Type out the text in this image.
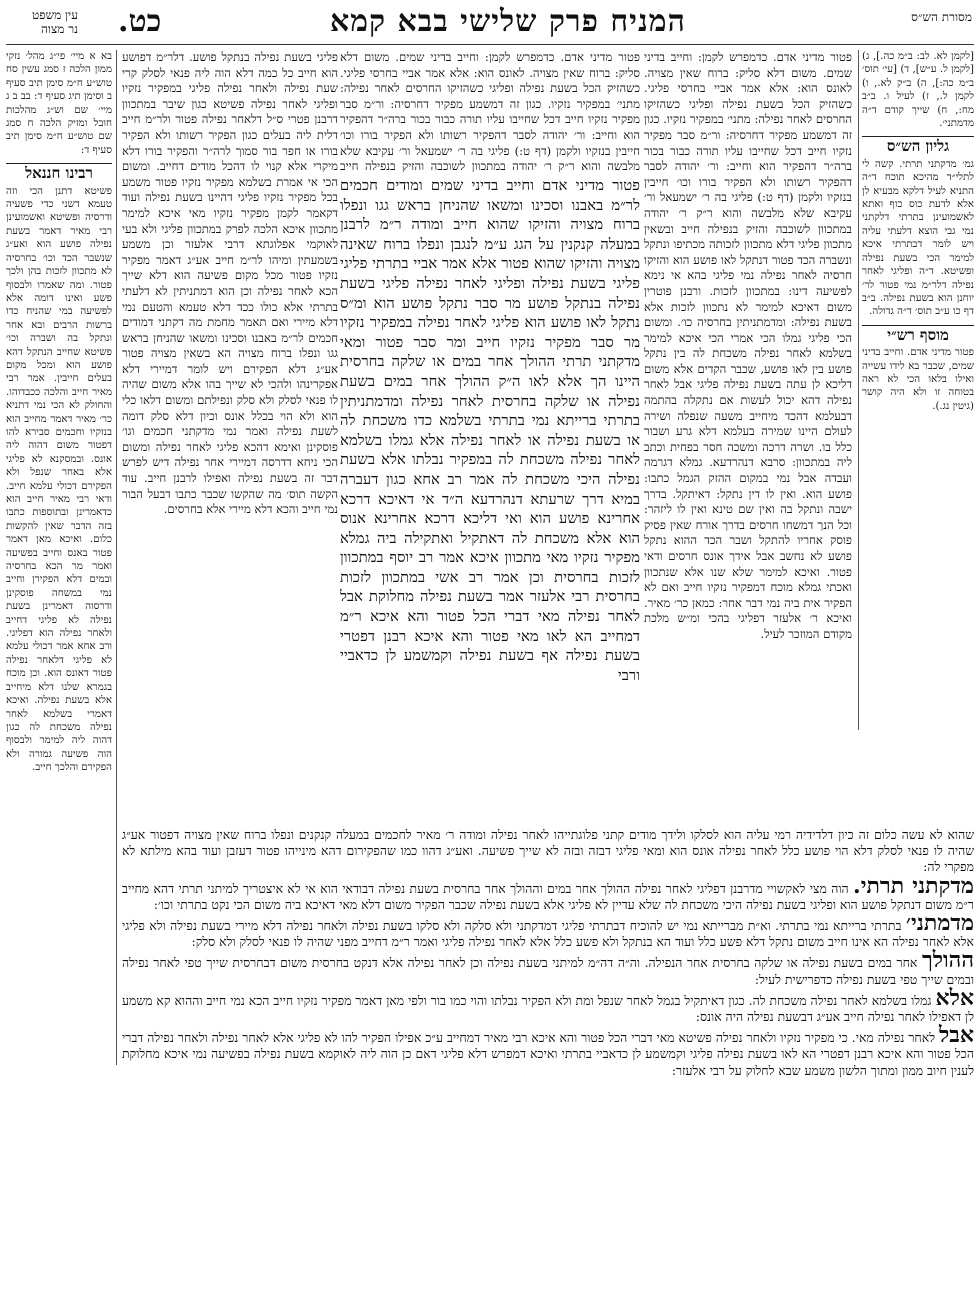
עין משפט
נר מצוה כט.	המניח פרק שלישי בבא קמא	מסורת הש״ס

בא א מיי׳ פי״ג מהל׳ נזקי ממון הלכה ז סמג עשין סח טוש״ע ח״מ סימן תיב סעיף ב וסימן תיג סעיף ד: בב ב ג מיי׳ שם וש״ג מהלכות חובל ומזיק הלכה ח סמג שם טוש״ע ח״מ סימן תיב סעיף ד:

רבינו חננאל

פשיטא דתנן הכי וזה טעמא דשני כדי פשעיה ודרסיה ופשיטא ואשמועינן רבי מאיר דאמר בשעת נפילה פושע הוא ואע״ג שנשבר הכד וכו׳ בחרסיה לא מתכוון לזכות בהן ולכך פטור. ומה שאמרו ולבסוף פשע ואינו דומה אלא לפשיעה במי שהניח כדו ברשות הרבים ובא אחר ונתקל בה ושברה וכו׳ פשיטא שחייב הנתקל דהא פושע הוא ומכל מקום בעלים חייבין. אמר רבי מאיר חייב והלכה ככבדוהו. והחולק לא הכי נמי דתניא כר׳ מאיר דאמר מחייב הוא בנזקיו וחכמים סבירא להו דפטור משום דהוה ליה אונס. ובמסקנא לא פליגי אלא באחר שנפל ולא הפקירם דכולי עלמא חייב. ודאי רבי מאיר חייב הוא כדאמרינן ובתוספות כתבו בזה הדבר שאין להקשות כלום. ואיכא מאן דאמר פטור באנס וחייב בפשיעה ואמר מר הכא בחרסיה ובמים דלא הפקירן וחייב נמי במשחה פוסקינן ודרסוה דאמרינן בשעת נפילה לא פליגי דחייב ולאחר נפילה הוא דפליגי. ורב אחא אמר דכולי עלמא לא פליגי דלאחר נפילה פטור דאונס הוא. וכן מוכח בגמרא שלנו דלא מיחייב אלא בשעת נפילה. ואיכא דאמרי בשלמא לאחר נפילה משכחת לה כגון דהוה ליה למימר ולבסוף הוה פשיעה גמורה ולא הפקירם והלכך חייב.

פליגי בשעת נפילה בנתקל פושע. דלר״מ דפושע הוא חייב כל כמה דלא הוה ליה פנאי לסלק קרי שעת נפילה ולאחר נפילה פליגי במפקיר נזקיו ופליגי לאחר נפילה פשיטא כגון שיבר במתכוון דרבנן פטרי ס״ל דלאחר נפילה פטור ולר״מ חייב דלית ליה בעלים כגון הפקיר רשותו ולא הפקיר בורו או חפר בור סמוך לרה״ר והפקיר בורו דלא מיקרי אלא קנוי לו דהכל מודים דחייב. ומשום הכי אי אמרת בשלמא מפקיר נזקיו פטור משמע בכל מפקיר נזקיו פליגי דהיינו בשעת נפילה ועוד דקאמר לקמן מפקיר נזקיו מאי איכא למימר מתכוון איכא הלכה לפרק במתכוון פליגי ולא בעי לאוקמי אפלוגתא דרבי אלעזר וכן משמע בשמעתין ומיהו לר״מ חייב אע״ג דאמר מפקיר נזקיו פטור מכל מקום פשיעה הוא דלא שייך הכא לאחר נפילה וכן הוא דמתניתין לא דלעתי בתרתי אלא כולו ככד דלא טעמא והטעם נמי דלא מיירי ואם תאמר מחמת מה דקתני דמודים חכמים לר״מ באבנו וסכינו ומשאו שהניחן בראש גגו ונפלו ברוח מצויה הא בשאין מצויה פטור אע״ג דלא הפקירם ויש לומר דמיירי דלא אפקרינהו ולהכי לא שייך בהו אלא משום שהיה לו פנאי לסלק ולא סלק ונפילתם ומשום דלאו כלי הוא ולא הוי בכלל אונס וכיון דלא סלק דומה לשעת נפילה ואמר נמי מדקתני חכמים וגו׳ פוסקינן ואימא דהכא פליגי לאחר נפילה ומשום הכי ניחא דדרסה דמיירי אחר נפילה דיש לפרש דבר זה בשעת נפילה ואפילו לרבנן חייב. עוד הקשה תוס׳ מה שהקשו שכבר כתבו דבעל הבור נמי חייב והכא דלא מיירי אלא בחרסים.

פטור מדיני אדם וחייב בדיני שמים ומודים חכמים לר״מ באבנו וסכינו ומשאו שהניחן בראש גגו ונפלו ברוח מצויה והזיקו שהוא חייב ומודה ר״מ לרבנן במעלה קנקנין על הגג ע״מ לנגבן ונפלו ברוח שאינה מצויה והזיקו שהוא פטור אלא אמר אביי בתרתי פליגי פליגי בשעת נפילה ופליגי לאחר נפילה פליגי בשעת נפילה בנתקל פושע מר סבר נתקל פושע הוא ומ״ס נתקל לאו פושע הוא פליגי לאחר נפילה במפקיר נזקיו מר סבר מפקיר נזקיו חייב ומר סבר פטור ומאי מדקתני תרתי ההולך אחר במים או שלקה בחרסית היינו הך אלא לאו ה״ק ההולך אחר במים בשעת נפילה או שלקה בחרסית לאחר נפילה ומדמתניתין בתרתי ברייתא נמי בתרתי בשלמא כדו משכחת לה או בשעת נפילה או לאחר נפילה אלא גמלו בשלמא לאחר נפילה משכחת לה במפקיר נבלתו אלא בשעת נפילה היכי משכחת לה אמר רב אחא כגון דעברה במיא דרך שרעתא דנהרדעא ה״ד אי דאיכא דרכא אחרינא פושע הוא ואי דליכא דרכא אחרינא אנוס הוא אלא משכחת לה דאתקיל ואתקילה ביה גמלא מפקיר נזקיו מאי מתכוון איכא אמר רב יוסף במתכוון לזכות בחרסית וכן אמר רב אשי במתכוון לזכות בחרסית רבי אלעזר אמר בשעת נפילה מחלוקת אבל לאחר נפילה מאי דברי הכל פטור והא איכא ר״מ דמחייב הא לאו מאי פטור והא איכא רבנן דפטרי בשעת נפילה אף בשעת נפילה וקמשמע לן כדאביי ורבי

פטור מדיני אדם. כדמפרש לקמן: וחייב בדיני שמים. משום דלא סליק: ברוח שאין מצויה. לאונס הוא: אלא אמר אביי בחרסי פליגי. כשהזיק הכל בשעת נפילה ופליגי כשהזיקו החרסים לאחר נפילה: מתני׳ במפקיר נזקיו. כגון זה דמשמע מפקיר דחרסיה: ור״מ סבר מפקיר נזקיו חייב דכל שחייבו עליו תורה כבור בכור ברה״ר דהפקיר הוא וחייב: ור׳ יהודה לסבר דהפקיר רשותו ולא הפקיר בורו וכו׳ חייבין בנזקיו ולקמן (דף ט:) פליגי בה ר׳ ישמעאל ור׳ עקיבא שלא מלבשה והוא ר״ק ר׳ יהודה במתכוון לשוכבה והזיק בנפילה חייב

פטור מדיני אדם. כדמפרש לקמן: וחייב בדיני שמים. משום דלא סליק: ברוח שאין מצויה. לאונס הוא: אלא אמר אביי בחרסי פליגי. כשהזיק הכל בשעת נפילה ופליגי כשהזיקו החרסים לאחר נפילה: מתני׳ במפקיר נזקיו. כגון זה דמשמע מפקיר דחרסיה: ור״מ סבר מפקיר נזקיו חייב דכל שחייבו עליו תורה כבור בכור ברה״ר דהפקיר הוא וחייב: ור׳ יהודה לסבר דהפקיר רשותו ולא הפקיר בורו וכו׳ חייבין בנזקיו ולקמן (דף ט:) פליגי בה ר׳ ישמעאל ור׳ עקיבא שלא מלבשה והוא ר״ק ר׳ יהודה במתכוון לשוכבה והזיק בנפילה חייב ובשאין מתכוון פליגי דלא מתכוון לזכותה מכתיפו ונתקל ונשברה הכד פטור דנתקל לאו פושע הוא והזיקו חרסיה לאחר נפילה נמי פליגי בהא אי נימא לפשיעה דינו: במתכוון לזכות. ורבנן פוטרין משום דאיכא למימר לא נתכוון לזכות אלא בשעת נפילה: ומדמתניתין בחרסיה כו׳. ומשום הכי פליגי גמלו הכי אמרי הכי איכא למימר בשלמא לאחר נפילה משכחת לה בין נתקל פושע בין לאו פושע, שכבר הקדים אלא משום דליכא לן עתה בשעת נפילה פליגי אבל לאחר נפילה דהא יכול לעשות אם נתקלה בהתמה דבעלמא דהכד מיחייב משעה שנפלה ושירה לעולם היינו שמירה בעלמא דלא גרע ושבור כלל בו. ושרה דרכה ומשכה חסר בפחית וכתב ליה במתכוון: סרבא דנהרדעא. גמלא דגרמה ועבדה אבל נמי במקום ההזק הגמל כתבו: פושע הוא. ואין לו דין נתקל: דאיתקל. בדרך ישבה ונתקל בה ואין שם טינא ואין לו ליזהר: וכל הנך דמשחו חרסים בדרך אורח שאין פסיק פוסק אחריו להתקל ושבר הכד ההוא נתקל פושע לא נחשב אבל אידך אונס חרסים ודאי פטור. ואיכא למימר שלא שנו אלא שנתכוון ואכתי גמלא מוכח דמפקיר נזקיו חייב ואם לא הפקיר אית ביה נמי דבר אחר: כמאן כר׳ מאיר. ואיכא ר׳ אלעזר דפליגי בהכי ומ״ש מלכת מקודם המוזכר לעיל.

[לקמן לא. לב: ב״מ כה.], ג) [לקמן ל. ע״ש], ד) [עי׳ תוס׳ ב״מ כה:], ה) ב״ק לא., ו) לקמן ל., ז) לעיל ו. ב״ב מח:, ח) שייך קודם ד״ה מדמתני׳.

גליון הש״ס

גמ׳ מדקתני תרתי. קשה לי לתלי״ד מהיכא תוכח ד״ה התניא לעיל דלקא מבעיא לן אלא לדעת כוס כוף ואתא לאשמועינן בתרתי דלקתני נמי גבי הוצא דלעתי עליה ויש לומר דבתרתי איכא למימר הכי בשעת נפילה ופשיטא. ד״ה ופליגי לאחר נפילה דלר״מ נמי פטור לר׳ יוחנן הוא בשעת נפילה. ב״ב דף כו ע״ב תוס׳ ד״ה גדולה.

מוסף רש״י

פטור מדיני אדם. וחייב בדיני שמים, שכבר בא לידו עשייה ואילו בלאו הכי לא ראה בטוחה זו ולא היה קושר (גיטין נג.).

שהוא לא עשה כלום זה כיון דלדידיה רמי עליה הוא לסלקו ולידך מודים קתני פלוגתייהו לאחר נפילה ומודה ר׳ מאיר לחכמים במעלה קנקנים ונפלו ברוח שאין מצויה דפטור אע״ג שהיה לו פנאי לסלק דלא הוי פושע כלל לאחר נפילה אונס הוא ומאי פליגי דבזה ובזה לא שייך פשיעה. ואע״ג דהוו כמו שהפקירום דהא מינייהו פטור דעזבן ועוד בהא מילתא לא מפקרי לה:

מדקתני תרתי. הוה מצי לאקשויי מדרבנן דפליגי לאחר נפילה ההולך אחר במים וההולך אחר בחרסית בשעת נפילה דבודאי הוא אי לא איצטריך למיתני תרתי דהא מחייב ר״מ משום דנתקל פושע הוא ופליגי בשעת נפילה היכי משכחת לה שלא עדיין לא פליגי אלא בשעת נפילה שכבר הפקיר משום דלא מאי דאיכא ביה משום הכי נקט בתרתי וכו׳:

מדמתני׳ בתרתי ברייתא נמי בתרתי. וא״ת מברייתא נמי יש להוכיח דבתרתי פליגי דמדקתני ולא סלקה ולא סלקו בשעת נפילה ולאחר נפילה דלא מיירי בשעת נפילה ולא פליגי אלא לאחר נפילה הא אינו חייב משום נתקל דלא פשע כלל ועוד הא בנתקל ולא פשע כלל אלא לאחר נפילה פליגי ואמר ר״מ דחייב מפני שהיה לו פנאי לסלק ולא סלק:

ההולך אחר במים בשעת נפילה או שלקה בחרסית אחר הנפילה. וה״ה דה״מ למיתני בשעת נפילה וכן לאחר נפילה אלא דנקט בחרסית משום דבחרסית שייך טפי לאחר נפילה ובמים שייך טפי בשעת נפילה כדפרישית לעיל:

אלא גמלו בשלמא לאחר נפילה משכחת לה. כגון דאיתקיל בגמל לאחר שנפל ומת ולא הפקיר נבלתו והוי כמו בור ולפי מאן דאמר מפקיר נזקיו חייב הכא נמי חייב וההוא קא משמע לן דאפילו לאחר נפילה חייב אע״ג דבשעת נפילה היה אונס:

אבל לאחר נפילה מאי. כי מפקיר נזקיו ולאחר נפילה פשיטא מאי דברי הכל פטור והא איכא רבי מאיר דמחייב ע״כ אפילו הפקיר להו לא פליגי אלא לאחר נפילה ולאחר נפילה דברי הכל פטור והא איכא רבנן דפטרי הא לאו בשעת נפילה פליגי וקמשמע לן כדאביי בתרתי ואיכא דמפרש דלא פליגי דאם כן הוה ליה לאוקמא בשעת נפילה בפשיעה נמי איכא מחלוקת לענין חיוב ממון ומתוך הלשון משמע שבא לחלוק על רבי אלעזר:
